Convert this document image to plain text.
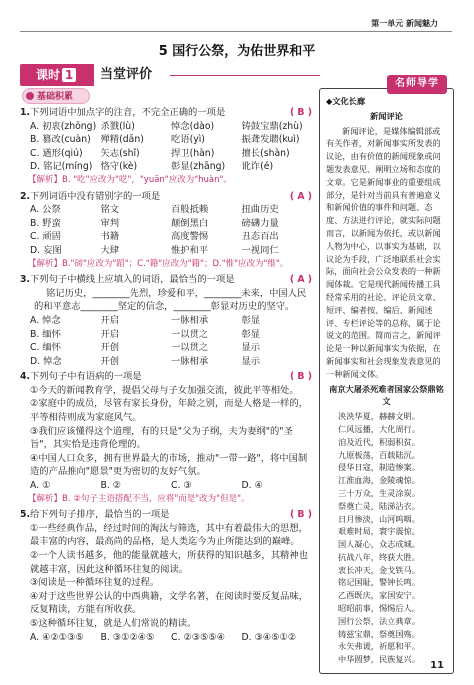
第一单元 新闻魅力
5 国行公祭，为佑世界和平
课时 1	当堂评价
基础积累
1. 下列词语中加点字的注音，不完全正确的一项是	( B )
A. 初衷(zhōng) 杀戮(lù)	悼念(dào)	铸鼓宝鼎(zhù)
B. 篡改(cuàn)	殚精(dān)	吃语(yì)	振聋发聩(kuì)
C. 遒形(qiú)	矢志(shǐ)	捍卫(hàn)	擅长(shàn)
D. 铭记(míng) 恪守(kè)	彰显(zhāng)	讹诈(é)
【解析】B. "吃"应改为"呓"，"yuān"应改为"huàn"。
2. 下列词语中没有错别字的一项是	( A )
A. 公祭	铭文	百般抵赖	扭曲历史
B. 野蛮	审判	颠倒黑白	磅礴力量
C. 顽固	书籍	高度警惕	丑态百出
D. 妄图	大肆	惟护和平	一视同仁
【解析】B."磅"应改为"蹈"；C."籍"应改为"籍"；D."惟"应改为"维"。
3. 下列句子中横线上应填入的词语，最恰当的一项是	( A )
铭记历史，________先烈，珍爱和平，________未来，中国人民的和平意志________坚定的信念，________彰显对历史的坚守。
A. 悼念	开启	一脉相承	彰显
B. 缅怀	开启	一以贯之	彰显
C. 缅怀	开创	一以贯之	显示
D. 悼念	开创	一脉相承	显示
4. 下列句子中有语病的一项是	( B )
①今天的新闻教育学，提倡父母与子女加强交流，彼此平等相处。
②家庭中的成员，尽管有家长身份，年龄之别，而是人格是一样的，平等相待则成为家庭风气。
③我们应该懂得这个道理，有的只是"父为子纲，夫为妻纲"的"圣旨"，其实恰是违背伦理的。
④中国人口众多，拥有世界最大的市场，推动"一带一路"，将中国制造的产品推向"愿景"更为密切的友好气氛。
A. ①	B. ②	C. ③	D. ④
【解析】B. ②句子主语搭配不当，应将"而是"改为"但是"。
5. 给下列句子排序，最恰当的一项是	( B )
①一些经典作品，经过时间的淘汰与筛选，其中有着最伟大的思想，最丰富的内容，最高尚的品格，是人类迄今为止所能达到的巅峰。
②一个人读书越多，他的能量就越大，所获得的知识越多，其精神也就越丰富，因此这种循环往复的阅读。
③阅读是一种循环往复的过程。
④对于这些世界公认的中西典籍，文学名著，在阅读时要反复品味，反复精读，方能有所收获。
⑤这种循环往复，就是人们常说的精读。
A. ④②①③⑤	B. ③①②④⑤	C. ②③⑤⑤④	D. ③④⑤①②
名师导学
◆文化长廊
新闻评论
新闻评论，是媒体编辑部或有关作者，对新闻事实所发表的议论，由有价值的新闻现象或问题发表意见、阐明立场和态度的文章。它是新闻事业的重要组成部分，是针对当前具有普遍意义和新闻价值的事件和问题、态度、方法进行评论，就实际问题而言，以新闻为依托，或以新闻人物为中心，以事实为基础，以议论为手段，广泛地联系社会实际，面向社会公众发表的一种新闻体裁。它是现代新闻传播工具经常采用的社论、评论员文章、短评、编者按、编后、新闻述评、专栏评论等的总称，属于论说文的范围。简而言之，新闻评论是一种以新闻事实为依据，在新闻事实和社会现象发表意见的一种新闻文体。
南京大屠杀死难者国家公祭鼎铭文
泱泱华夏，赫赫文明。
仁风远播，大化周行。
洎及近代，积弱积贫。
九原板荡，百载陆沉。
侵华日寇，制造惨案。
江淮血海，金陵魂惊。
三十万众，生灵涂炭。
祭奠亡灵，陆涕沾衣。
日月惨淡，山河呜咽。
艰难时局，寰宇震惊。
国人凝心，众志成城。
抗战八年，终获大胜。
衷长冲天，金戈铁马。
铭记国耻，警钟长鸣。
乙酉既庆，家国安宁。
昭昭前事，惕惕后人。
国行公祭，法立典章。
铸兹宝鼎，祭奠国殇。
永矢弗谖，祈愿和平。
中华圆梦，民族复兴。
11
